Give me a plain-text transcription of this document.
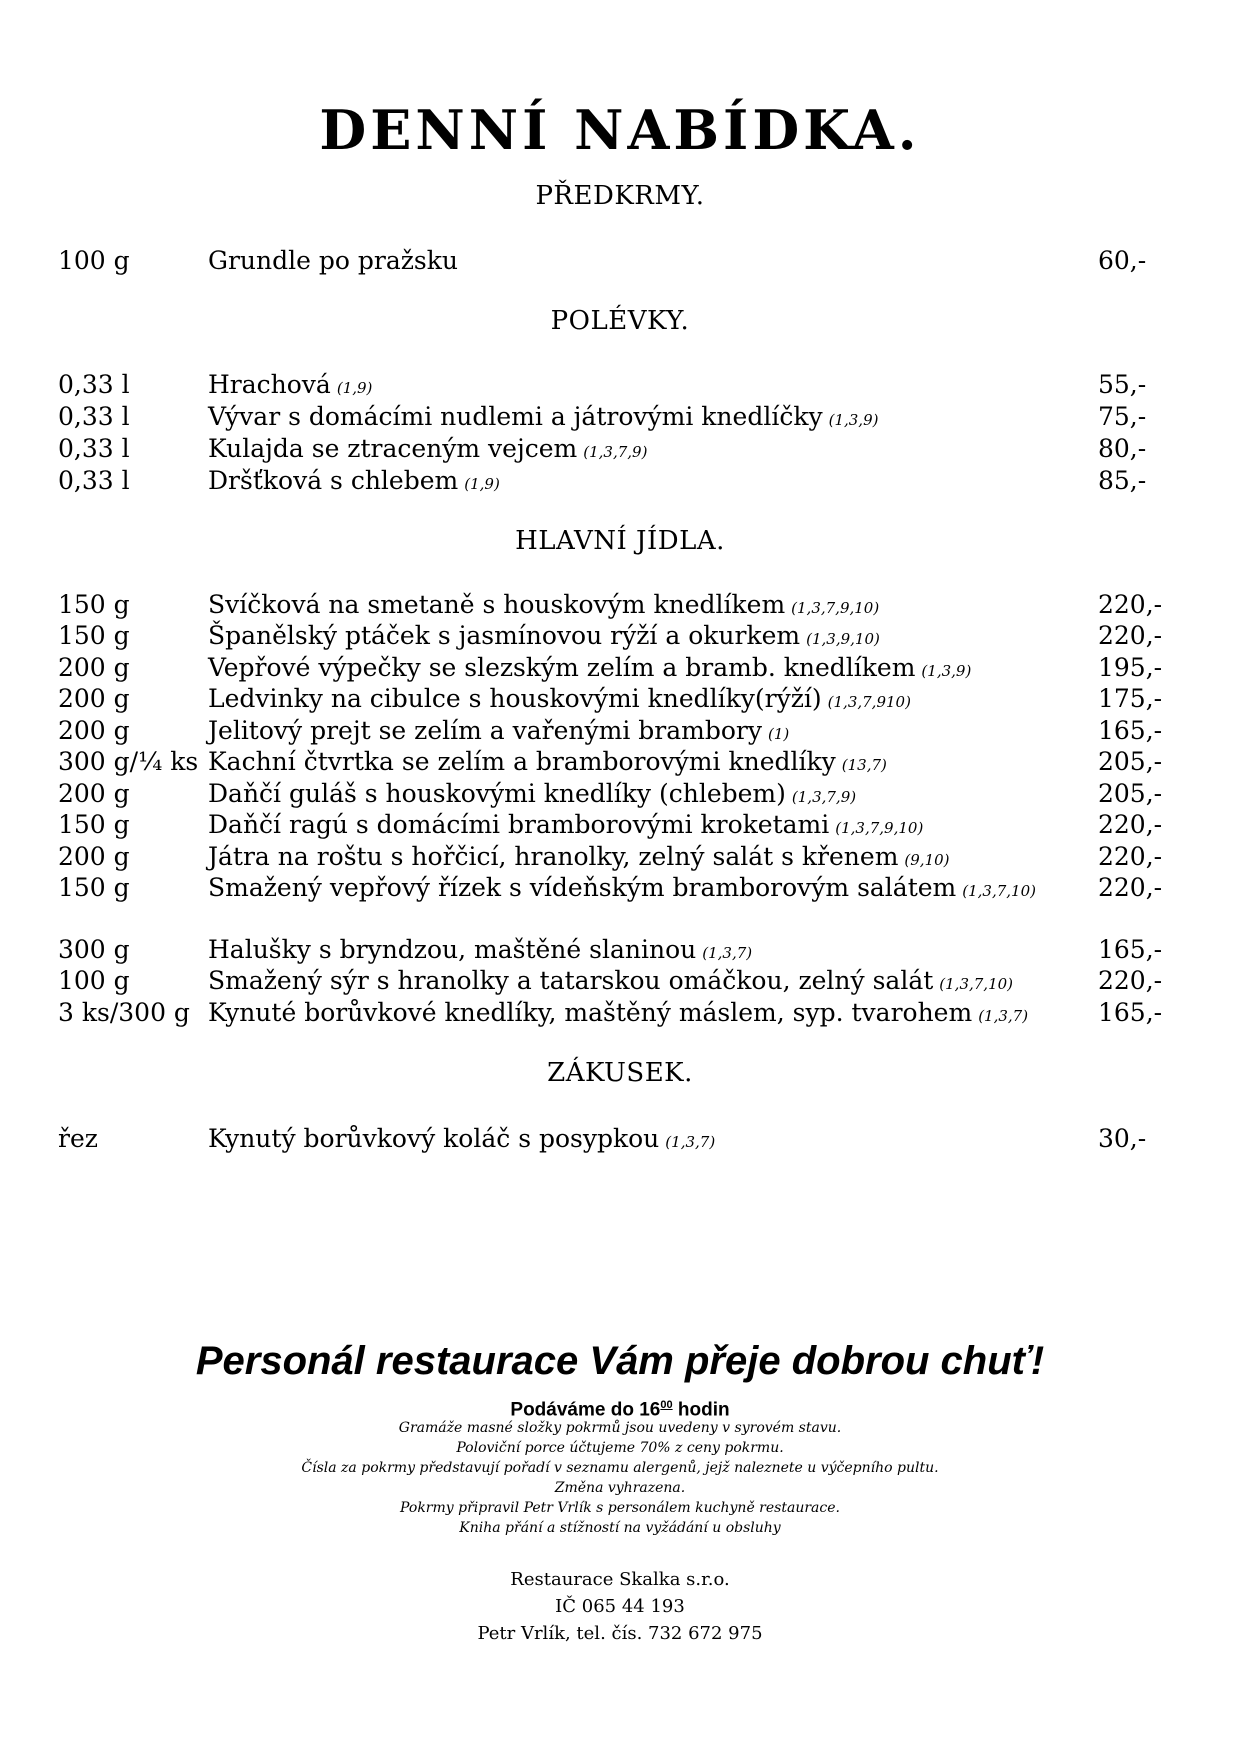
DENNÍ NABÍDKA.
PŘEDKRMY.
100 g	Grundle po pražsku	60,-
POLÉVKY.
0,33 l	Hrachová (1,9)	55,-
0,33 l	Vývar s domácími nudlemi a játrovými knedlíčky (1,3,9)	75,-
0,33 l	Kulajda se ztraceným vejcem (1,3,7,9)	80,-
0,33 l	Dršťková s chlebem (1,9)	85,-
HLAVNÍ JÍDLA.
150 g	Svíčková na smetaně s houskovým knedlíkem (1,3,7,9,10)	220,-
150 g	Španělský ptáček s jasmínovou rýží a okurkem (1,3,9,10)	220,-
200 g	Vepřové výpečky se slezským zelím a bramb. knedlíkem (1,3,9)	195,-
200 g	Ledvinky na cibulce s houskovými knedlíky(rýží) (1,3,7,910)	175,-
200 g	Jelitový prejt se zelím a vařenými brambory (1)	165,-
300 g/¼ ks Kachní čtvrtka se zelím a bramborovými knedlíky (13,7)	205,-
200 g	Daňčí guláš s houskovými knedlíky (chlebem) (1,3,7,9)	205,-
150 g	Daňčí ragú s domácími bramborovými kroketami (1,3,7,9,10)	220,-
200 g	Játra na roštu s hořčicí, hranolky, zelný salát s křenem (9,10)	220,-
150 g	Smažený vepřový řízek s vídeňským bramborovým salátem (1,3,7,10) 220,-
300 g	Halušky s bryndzou, maštěné slaninou (1,3,7)	165,-
100 g	Smažený sýr s hranolky a tatarskou omáčkou, zelný salát (1,3,7,10)	220,-
3 ks/300 g Kynuté borůvkové knedlíky, maštěný máslem, syp. tvarohem (1,3,7)	165,-
ZÁKUSEK.
řez	Kynutý borůvkový koláč s posypkou (1,3,7)	30,-
Personál restaurace Vám přeje dobrou chuť!
Podáváme do $16^{00}$ hodin
Gramáže masné složky pokrmů jsou uvedeny v syrovém stavu.
Poloviční porce účtujeme 70% z ceny pokrmu.
Čísla za pokrmy představují pořadí v seznamu alergenů, jejž naleznete u výčepního pultu.
Změna vyhrazena.
Pokrmy připravil Petr Vrlík s personálem kuchyně restaurace.
Kniha přání a stížností na vyžádání u obsluhy
Restaurace Skalka s.r.o.
IČ 065 44 193
Petr Vrlík, tel. čís. 732 672 975
